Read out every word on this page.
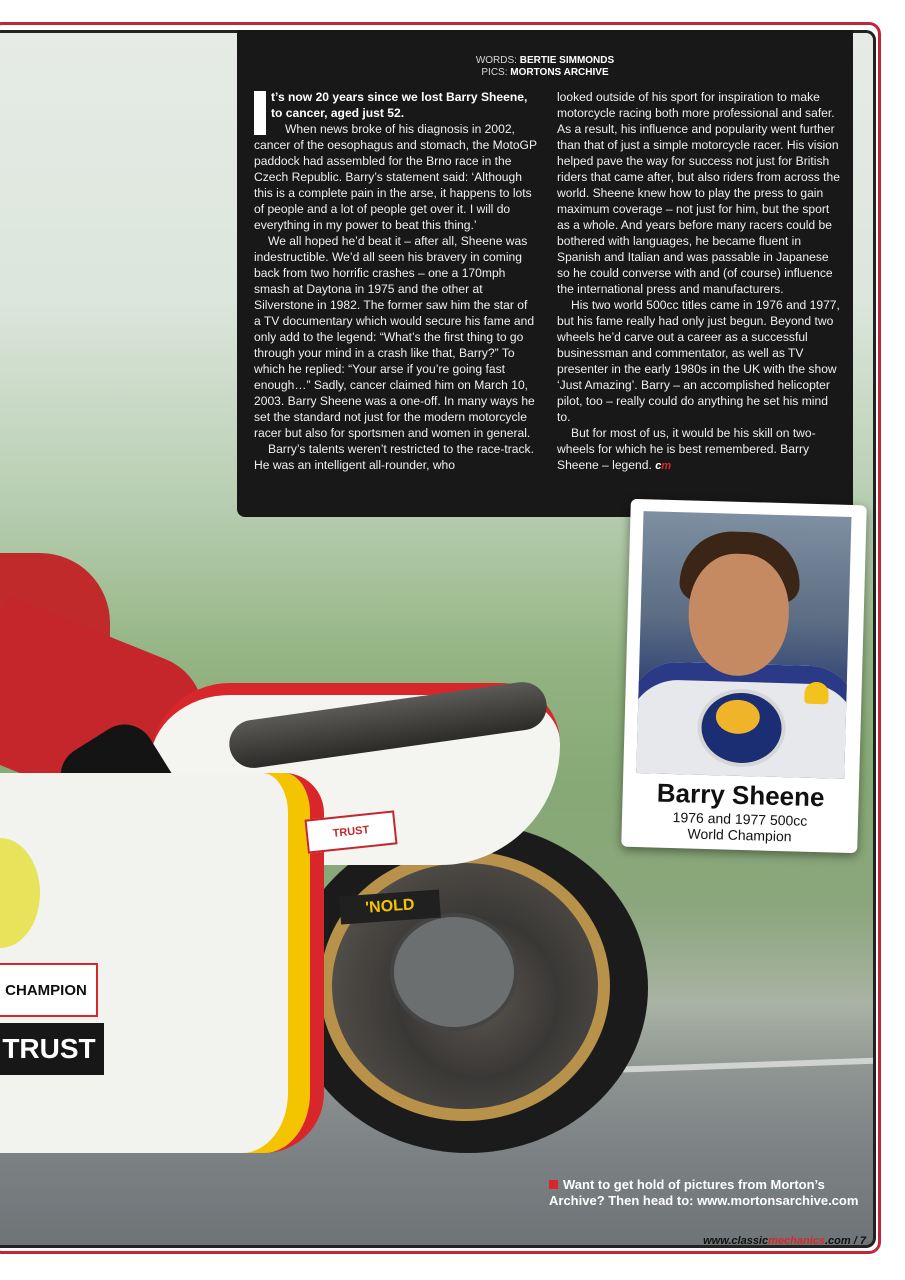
CHAMPION
TRUST
'NOLD
TRUST
WORDS: BERTIE SIMMONDS
PICS: MORTONS ARCHIVE

t’s now 20 years since we lost Barry Sheene, to cancer, aged just 52.

When news broke of his diagnosis in 2002, cancer of the oesophagus and stomach, the MotoGP paddock had assembled for the Brno race in the Czech Republic. Barry’s statement said: ‘Although this is a complete pain in the arse, it happens to lots of people and a lot of people get over it. I will do everything in my power to beat this thing.’

We all hoped he’d beat it – after all, Sheene was indestructible. We’d all seen his bravery in coming back from two horrific crashes – one a 170mph smash at Daytona in 1975 and the other at Silverstone in 1982. The former saw him the star of a TV documentary which would secure his fame and only add to the legend: “What’s the first thing to go through your mind in a crash like that, Barry?” To which he replied: “Your arse if you’re going fast enough…” Sadly, cancer claimed him on March 10, 2003. Barry Sheene was a one-off. In many ways he set the standard not just for the modern motorcycle racer but also for sportsmen and women in general.

Barry’s talents weren’t restricted to the race-track. He was an intelligent all-rounder, who

looked outside of his sport for inspiration to make motorcycle racing both more professional and safer. As a result, his influence and popularity went further than that of just a simple motorcycle racer. His vision helped pave the way for success not just for British riders that came after, but also riders from across the world. Sheene knew how to play the press to gain maximum coverage – not just for him, but the sport as a whole. And years before many racers could be bothered with languages, he became fluent in Spanish and Italian and was passable in Japanese so he could converse with and (of course) influence the international press and manufacturers.

His two world 500cc titles came in 1976 and 1977, but his fame really had only just begun. Beyond two wheels he’d carve out a career as a successful businessman and commentator, as well as TV presenter in the early 1980s in the UK with the show ‘Just Amazing’. Barry – an accomplished helicopter pilot, too – really could do anything he set his mind to.

But for most of us, it would be his skill on two-wheels for which he is best remembered. Barry Sheene – legend. cm

Barry Sheene
1976 and 1977 500cc
World Champion
Want to get hold of pictures from Morton’s Archive? Then head to: www.mortonsarchive.com
www.classicmechanics.com / 7
